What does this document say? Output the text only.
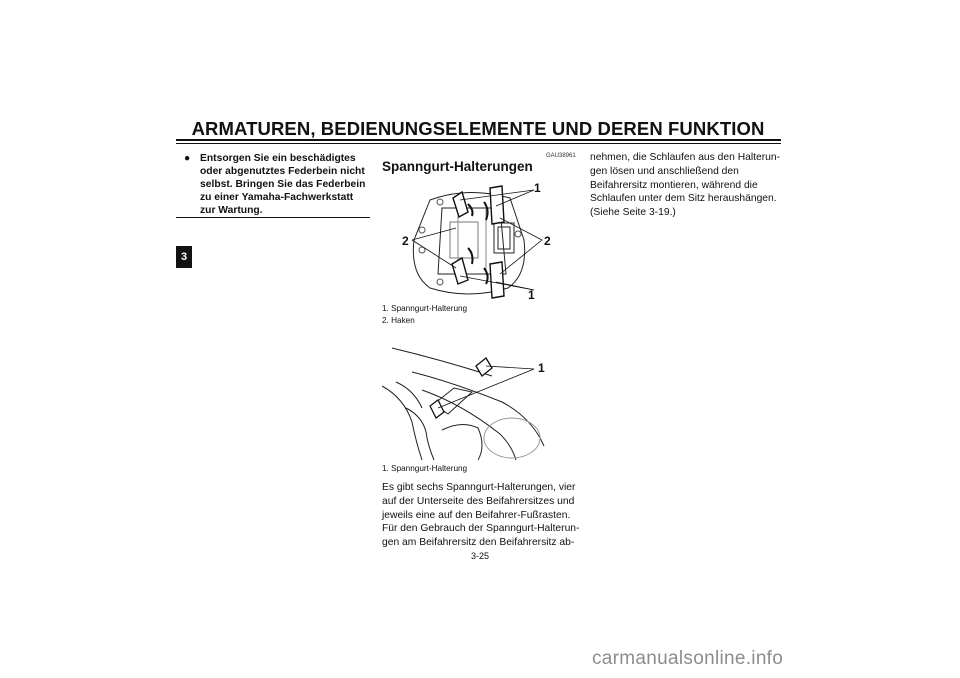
ARMATUREN, BEDIENUNGSELEMENTE UND DEREN FUNKTION
3
● Entsorgen Sie ein beschädigtes oder abgenutztes Federbein nicht selbst. Bringen Sie das Federbein zu einer Yamaha-Fachwerkstatt zur Wartung.
GAU38961
Spanngurt-Halterungen
1
2	2
1
1. Spanngurt-Halterung
2. Haken
1
1. Spanngurt-Halterung
Es gibt sechs Spanngurt-Halterungen, vier auf der Unterseite des Beifahrersitzes und jeweils eine auf den Beifahrer-Fußrasten. Für den Gebrauch der Spanngurt-Halterun- gen am Beifahrersitz den Beifahrersitz ab-
nehmen, die Schlaufen aus den Halterun- gen lösen und anschließend den Beifahrersitz montieren, während die Schlaufen unter dem Sitz heraushängen. (Siehe Seite 3-19.)
3-25
carmanualsonline.info
